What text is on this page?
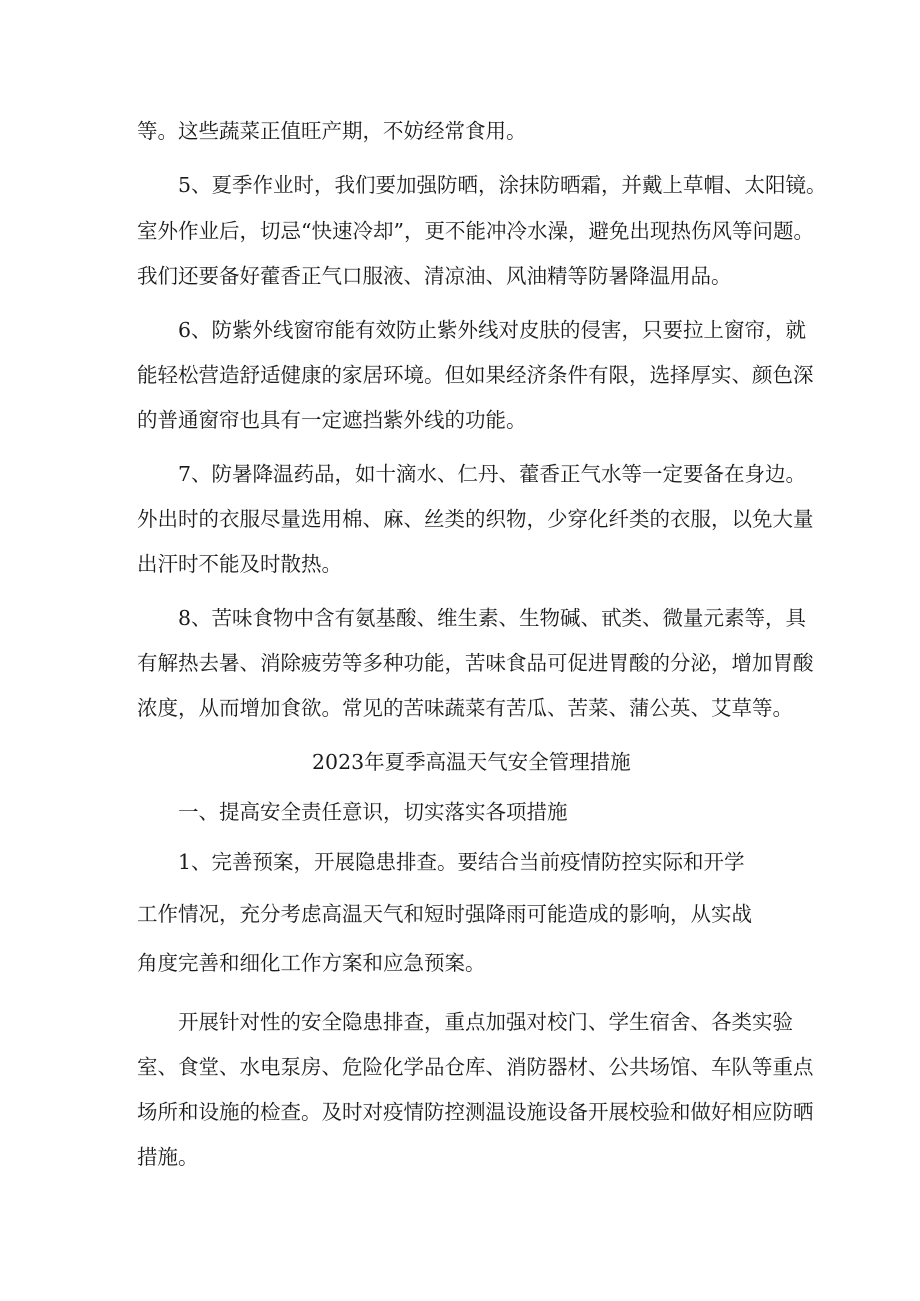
等。这些蔬菜正值旺产期，不妨经常食用。
5、夏季作业时，我们要加强防晒，涂抹防晒霜，并戴上草帽、太阳镜。
室外作业后，切忌“快速冷却”，更不能冲冷水澡，避免出现热伤风等问题。
我们还要备好藿香正气口服液、清凉油、风油精等防暑降温用品。
6、防紫外线窗帘能有效防止紫外线对皮肤的侵害，只要拉上窗帘，就
能轻松营造舒适健康的家居环境。但如果经济条件有限，选择厚实、颜色深
的普通窗帘也具有一定遮挡紫外线的功能。
7、防暑降温药品，如十滴水、仁丹、藿香正气水等一定要备在身边。
外出时的衣服尽量选用棉、麻、丝类的织物，少穿化纤类的衣服，以免大量
出汗时不能及时散热。
8、苦味食物中含有氨基酸、维生素、生物碱、甙类、微量元素等，具
有解热去暑、消除疲劳等多种功能，苦味食品可促进胃酸的分泌，增加胃酸
浓度，从而增加食欲。常见的苦味蔬菜有苦瓜、苦菜、蒲公英、艾草等。
2023年夏季高温天气安全管理措施
一、提高安全责任意识，切实落实各项措施
1、完善预案，开展隐患排查。要结合当前疫情防控实际和开学
工作情况，充分考虑高温天气和短时强降雨可能造成的影响，从实战
角度完善和细化工作方案和应急预案。
开展针对性的安全隐患排查，重点加强对校门、学生宿舍、各类实验
室、食堂、水电泵房、危险化学品仓库、消防器材、公共场馆、车队等重点
场所和设施的检查。及时对疫情防控测温设施设备开展校验和做好相应防晒
措施。
